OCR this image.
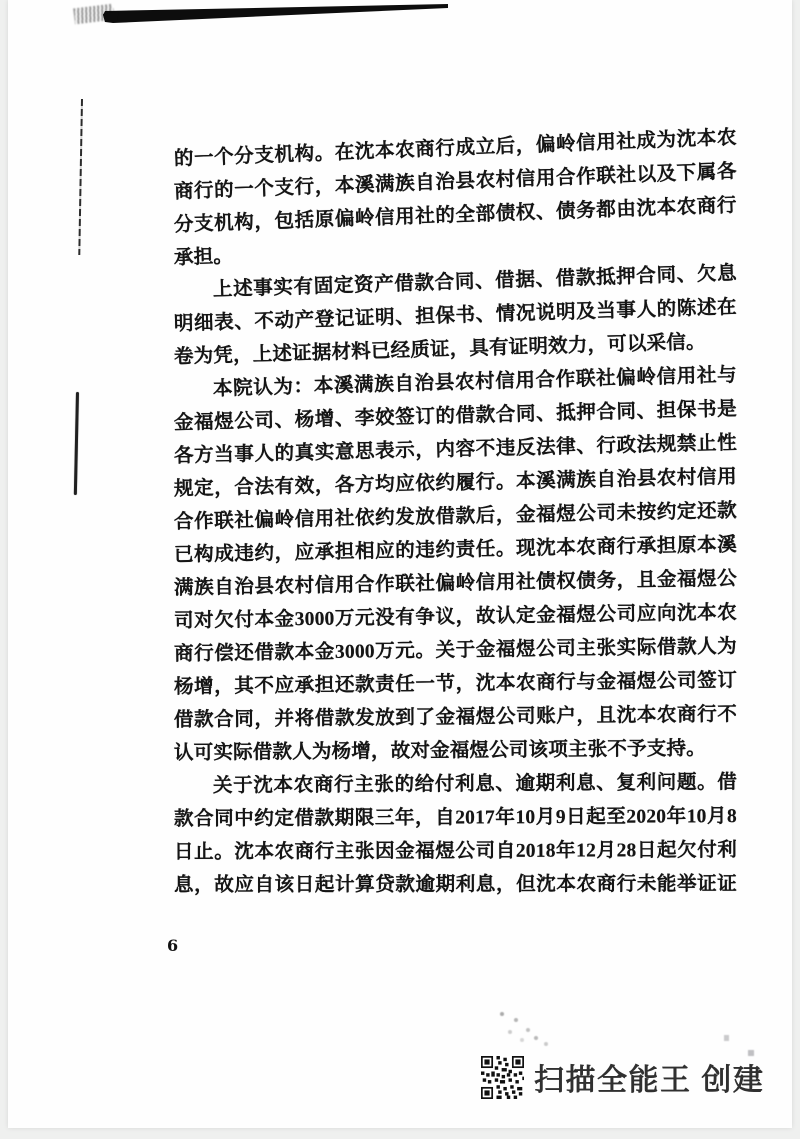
的一个分支机构。在沈本农商行成立后，偏岭信用社成为沈本农
商行的一个支行，本溪满族自治县农村信用合作联社以及下属各
分支机构，包括原偏岭信用社的全部债权、债务都由沈本农商行
承担。
上述事实有固定资产借款合同、借据、借款抵押合同、欠息
明细表、不动产登记证明、担保书、情况说明及当事人的陈述在
卷为凭，上述证据材料已经质证，具有证明效力，可以采信。
本院认为：本溪满族自治县农村信用合作联社偏岭信用社与
金福煜公司、杨增、李姣签订的借款合同、抵押合同、担保书是
各方当事人的真实意思表示，内容不违反法律、行政法规禁止性
规定，合法有效，各方均应依约履行。本溪满族自治县农村信用
合作联社偏岭信用社依约发放借款后，金福煜公司未按约定还款
已构成违约，应承担相应的违约责任。现沈本农商行承担原本溪
满族自治县农村信用合作联社偏岭信用社债权债务，且金福煜公
司对欠付本金3000万元没有争议，故认定金福煜公司应向沈本农
商行偿还借款本金3000万元。关于金福煜公司主张实际借款人为
杨增，其不应承担还款责任一节，沈本农商行与金福煜公司签订
借款合同，并将借款发放到了金福煜公司账户，且沈本农商行不
认可实际借款人为杨增，故对金福煜公司该项主张不予支持。
关于沈本农商行主张的给付利息、逾期利息、复利问题。借
款合同中约定借款期限三年，自2017年10月9日起至2020年10月8
日止。沈本农商行主张因金福煜公司自2018年12月28日起欠付利
息，故应自该日起计算贷款逾期利息，但沈本农商行未能举证证
6
扫描全能王 创建
